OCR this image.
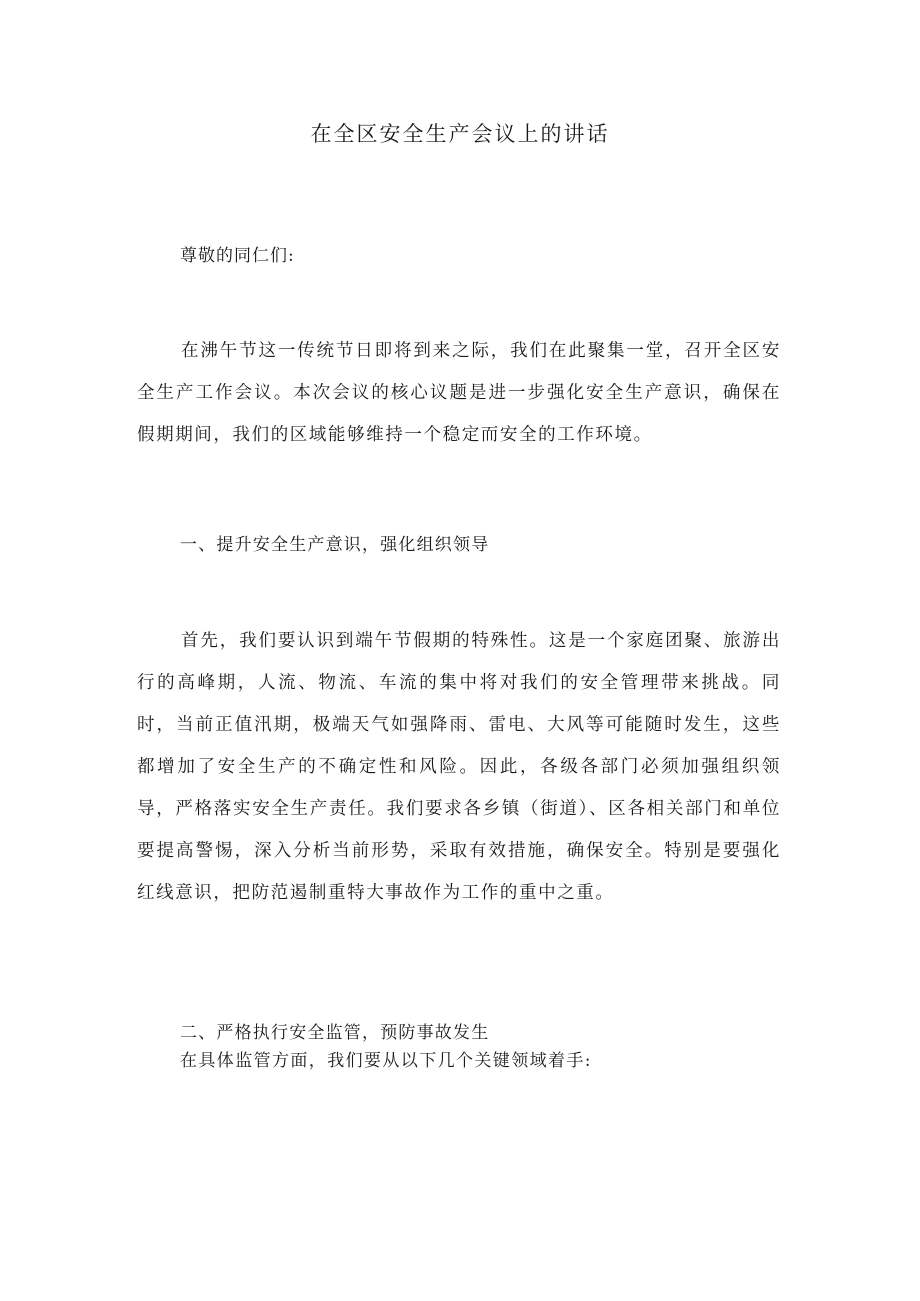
在全区安全生产会议上的讲话
尊敬的同仁们:

在沸午节这一传统节日即将到来之际，我们在此聚集一堂，召开全区安全生产工作会议。本次会议的核心议题是进一步强化安全生产意识，确保在假期期间，我们的区域能够维持一个稳定而安全的工作环境。

一、提升安全生产意识，强化组织领导

首先，我们要认识到端午节假期的特殊性。这是一个家庭团聚、旅游出行的高峰期，人流、物流、车流的集中将对我们的安全管理带来挑战。同时，当前正值汛期，极端天气如强降雨、雷电、大风等可能随时发生，这些都增加了安全生产的不确定性和风险。因此，各级各部门必须加强组织领导，严格落实安全生产责任。我们要求各乡镇（街道）、区各相关部门和单位要提高警惕，深入分析当前形势，采取有效措施，确保安全。特别是要强化红线意识，把防范遏制重特大事故作为工作的重中之重。

二、严格执行安全监管，预防事故发生

在具体监管方面，我们要从以下几个关键领域着手:
